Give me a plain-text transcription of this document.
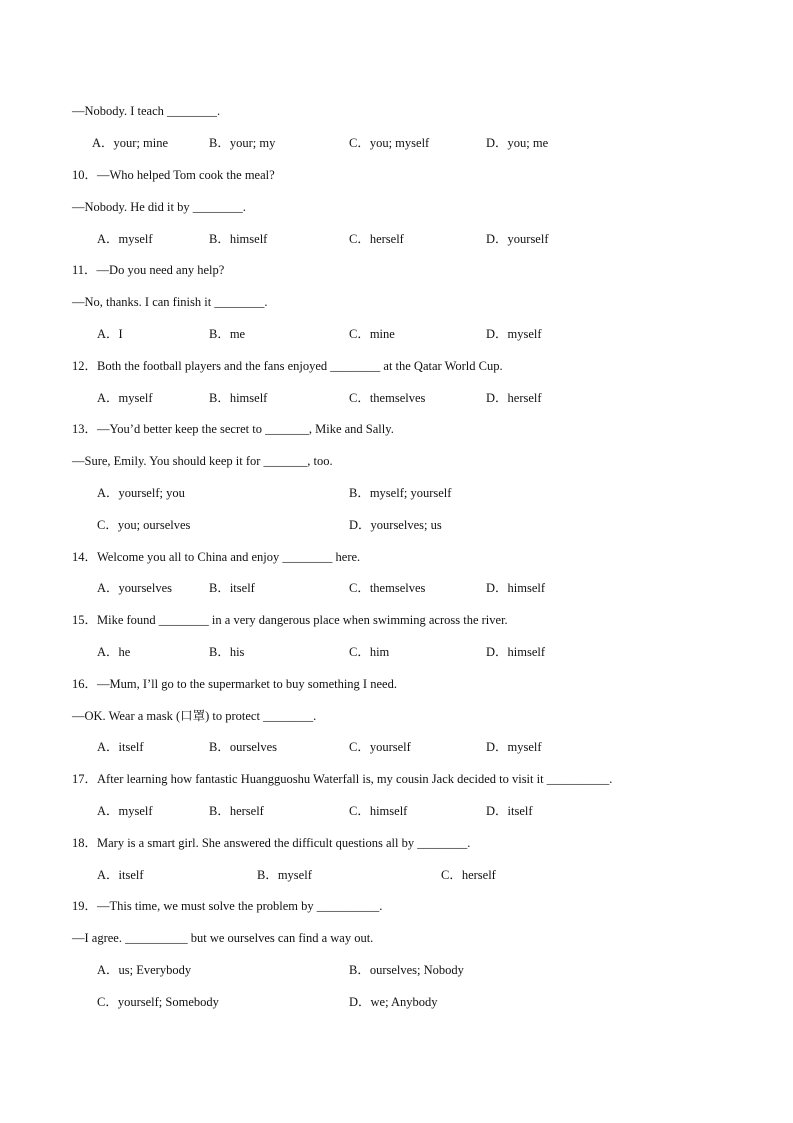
—Nobody. I teach ________.
A．your; mine	B．your; my	C．you; myself	D．you; me
10．—Who helped Tom cook the meal?
—Nobody. He did it by ________.
A．myself	B．himself	C．herself	D．yourself
11．—Do you need any help?
—No, thanks. I can finish it ________.
A．I	B．me	C．mine	D．myself
12．Both the football players and the fans enjoyed ________ at the Qatar World Cup.
A．myself	B．himself	C．themselves	D．herself
13．—You’d better keep the secret to _______, Mike and Sally.
—Sure, Emily. You should keep it for _______, too.
A．yourself; you	B．myself; yourself
C．you; ourselves	D．yourselves; us
14．Welcome you all to China and enjoy ________ here.
A．yourselves	B．itself	C．themselves	D．himself
15．Mike found ________ in a very dangerous place when swimming across the river.
A．he	B．his	C．him	D．himself
16．—Mum, I’ll go to the supermarket to buy something I need.
—OK. Wear a mask (口罩) to protect ________.
A．itself	B．ourselves	C．yourself	D．myself
17．After learning how fantastic Huangguoshu Waterfall is, my cousin Jack decided to visit it __________.
A．myself	B．herself	C．himself	D．itself
18．Mary is a smart girl. She answered the difficult questions all by ________.
A．itself	B．myself	C．herself
19．—This time, we must solve the problem by __________.
—I agree. __________ but we ourselves can find a way out.
A．us; Everybody	B．ourselves; Nobody
C．yourself; Somebody	D．we; Anybody
